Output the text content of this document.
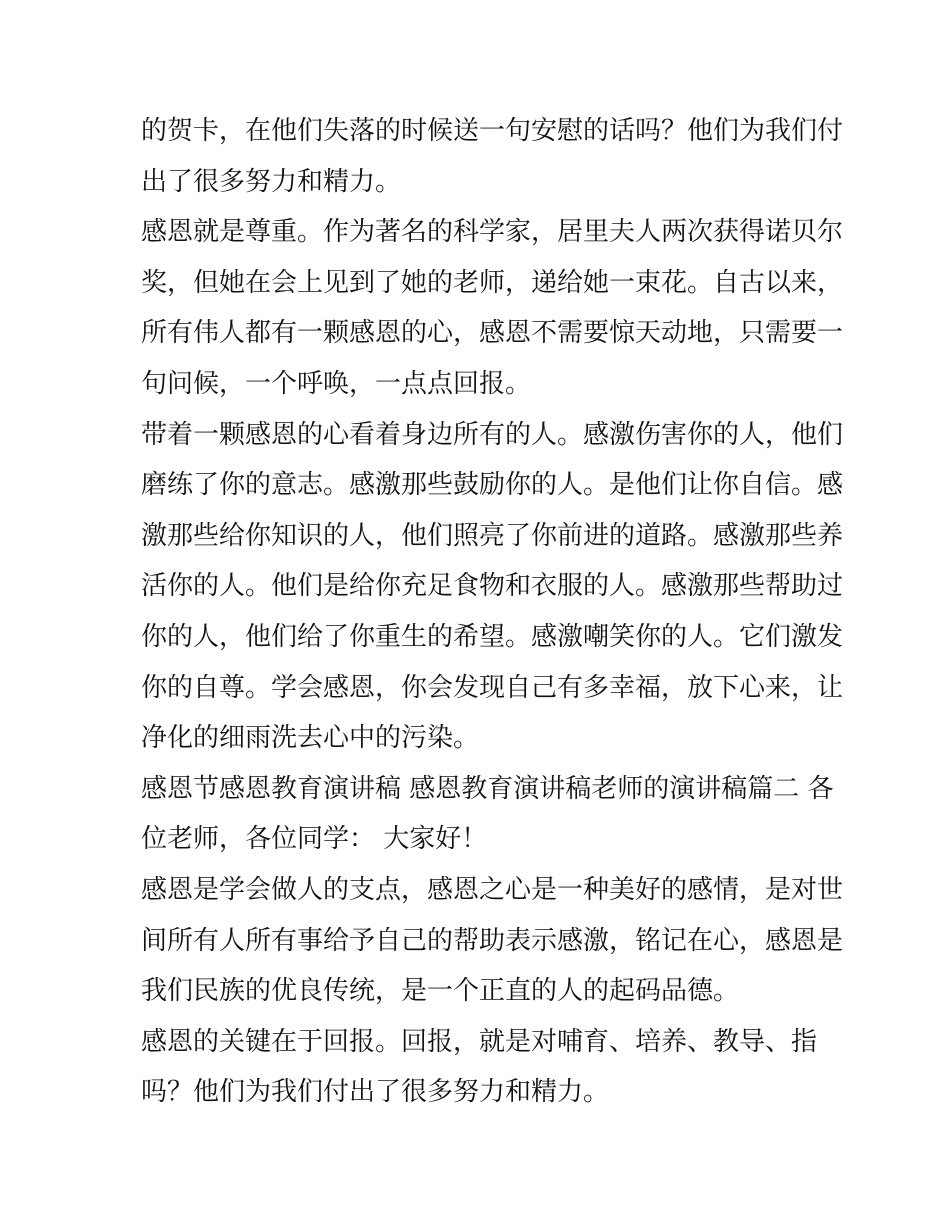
的贺卡，在他们失落的时候送一句安慰的话吗？他们为我们付
出了很多努力和精力。

感恩就是尊重。作为著名的科学家，居里夫人两次获得诺贝尔
奖，但她在会上见到了她的老师，递给她一束花。自古以来，
所有伟人都有一颗感恩的心，感恩不需要惊天动地，只需要一
句问候，一个呼唤，一点点回报。

带着一颗感恩的心看着身边所有的人。感激伤害你的人，他们
磨练了你的意志。感激那些鼓励你的人。是他们让你自信。感
激那些给你知识的人，他们照亮了你前进的道路。感激那些养
活你的人。他们是给你充足食物和衣服的人。感激那些帮助过
你的人，他们给了你重生的希望。感激嘲笑你的人。它们激发
你的自尊。学会感恩，你会发现自己有多幸福，放下心来，让
净化的细雨洗去心中的污染。

感恩节感恩教育演讲稿 感恩教育演讲稿老师的演讲稿篇二 各
位老师，各位同学： 大家好！

感恩是学会做人的支点，感恩之心是一种美好的感情，是对世
间所有人所有事给予自己的帮助表示感激，铭记在心，感恩是
我们民族的优良传统，是一个正直的人的起码品德。

感恩的关键在于回报。回报，就是对哺育、培养、教导、指
吗？他们为我们付出了很多努力和精力。
